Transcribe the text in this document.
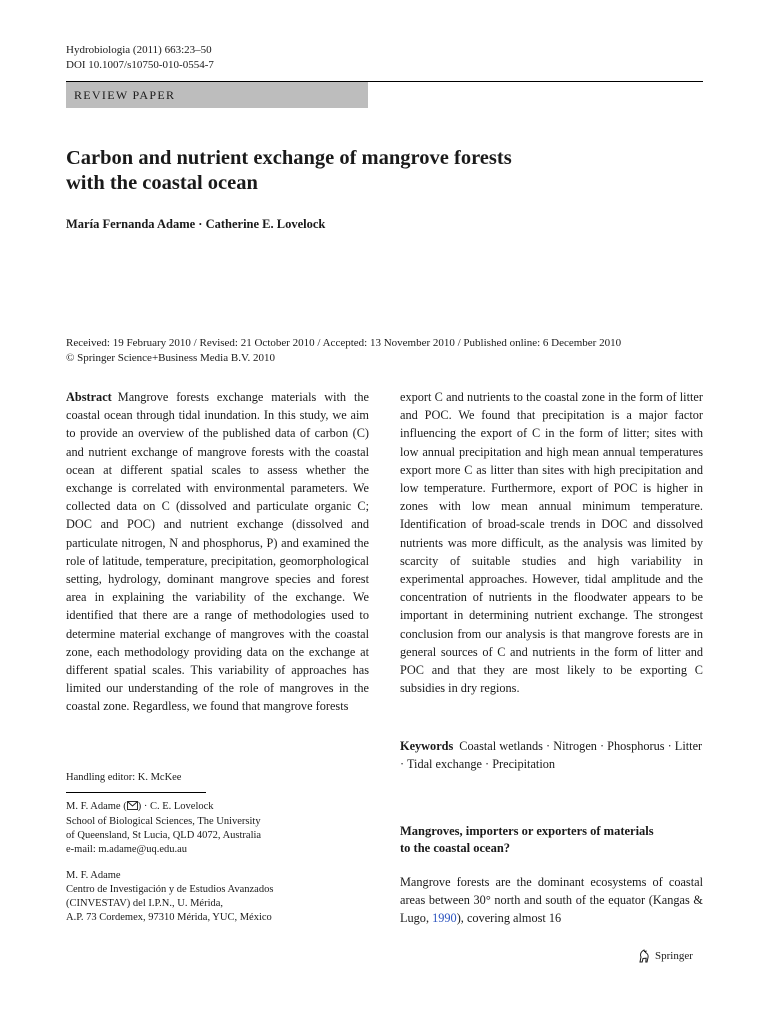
Hydrobiologia (2011) 663:23–50
DOI 10.1007/s10750-010-0554-7
REVIEW PAPER
Carbon and nutrient exchange of mangrove forests
with the coastal ocean
María Fernanda Adame · Catherine E. Lovelock
Received: 19 February 2010 / Revised: 21 October 2010 / Accepted: 13 November 2010 / Published online: 6 December 2010
© Springer Science+Business Media B.V. 2010
Abstract Mangrove forests exchange materials with the coastal ocean through tidal inundation. In this study, we aim to provide an overview of the published data of carbon (C) and nutrient exchange of mangrove forests with the coastal ocean at different spatial scales to assess whether the exchange is correlated with environmental parameters. We collected data on C (dissolved and particulate organic C; DOC and POC) and nutrient exchange (dissolved and particulate nitrogen, N and phosphorus, P) and examined the role of latitude, temperature, precipitation, geomorphological setting, hydrology, dominant mangrove species and forest area in explaining the variability of the exchange. We identified that there are a range of methodologies used to determine material exchange of mangroves with the coastal zone, each methodology providing data on the exchange at different spatial scales. This variability of approaches has limited our understanding of the role of mangroves in the coastal zone. Regardless, we found that mangrove forests
export C and nutrients to the coastal zone in the form of litter and POC. We found that precipitation is a major factor influencing the export of C in the form of litter; sites with low annual precipitation and high mean annual temperatures export more C as litter than sites with high precipitation and low temperature. Furthermore, export of POC is higher in zones with low mean annual minimum temperature. Identification of broad-scale trends in DOC and dissolved nutrients was more difficult, as the analysis was limited by scarcity of suitable studies and high variability in experimental approaches. However, tidal amplitude and the concentration of nutrients in the floodwater appears to be important in determining nutrient exchange. The strongest conclusion from our analysis is that mangrove forests are in general sources of C and nutrients in the form of litter and POC and that they are most likely to be exporting C subsidies in dry regions.
Keywords Coastal wetlands · Nitrogen · Phosphorus · Litter · Tidal exchange · Precipitation
Handling editor: K. McKee
M. F. Adame ( ) · C. E. Lovelock
School of Biological Sciences, The University
of Queensland, St Lucia, QLD 4072, Australia
e-mail: m.adame@uq.edu.au
M. F. Adame
Centro de Investigación y de Estudios Avanzados
(CINVESTAV) del I.P.N., U. Mérida,
A.P. 73 Cordemex, 97310 Mérida, YUC, México
Mangroves, importers or exporters of materials
to the coastal ocean?
Mangrove forests are the dominant ecosystems of coastal areas between 30° north and south of the equator (Kangas & Lugo, 1990), covering almost 16
Springer
